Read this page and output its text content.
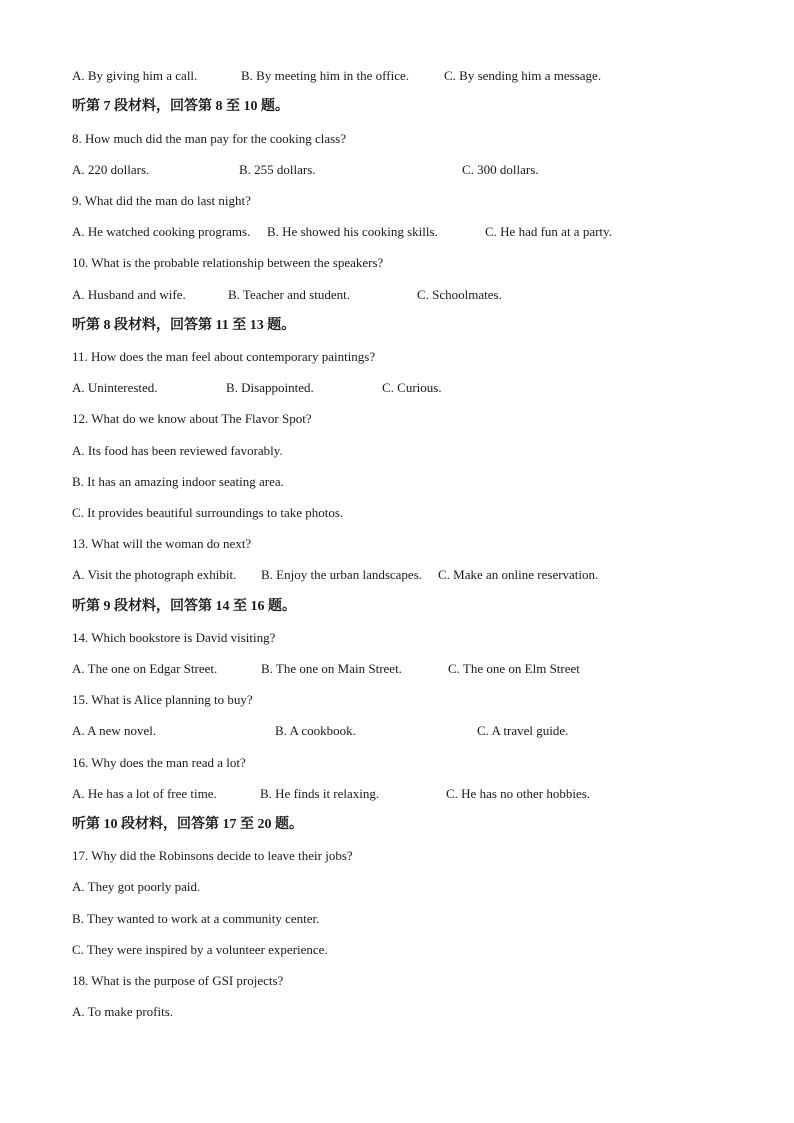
A. By giving him a call.	B. By meeting him in the office.	C. By sending him a message.
听第 7 段材料，回答第 8 至 10 题。
8. How much did the man pay for the cooking class?
A. 220 dollars.	B. 255 dollars.	C. 300 dollars.
9. What did the man do last night?
A. He watched cooking programs. B. He showed his cooking skills.	C. He had fun at a party.
10. What is the probable relationship between the speakers?
A. Husband and wife.	B. Teacher and student.	C. Schoolmates.
听第 8 段材料，回答第 11 至 13 题。
11. How does the man feel about contemporary paintings?
A. Uninterested.	B. Disappointed.	C. Curious.
12. What do we know about The Flavor Spot?
A. Its food has been reviewed favorably.
B. It has an amazing indoor seating area.
C. It provides beautiful surroundings to take photos.
13. What will the woman do next?
A. Visit the photograph exhibit. B. Enjoy the urban landscapes. C. Make an online reservation.
听第 9 段材料，回答第 14 至 16 题。
14. Which bookstore is David visiting?
A. The one on Edgar Street.	B. The one on Main Street.	C. The one on Elm Street
15. What is Alice planning to buy?
A. A new novel.	B. A cookbook.	C. A travel guide.
16. Why does the man read a lot?
A. He has a lot of free time.	B. He finds it relaxing.	C. He has no other hobbies.
听第 10 段材料，回答第 17 至 20 题。
17. Why did the Robinsons decide to leave their jobs?
A. They got poorly paid.
B. They wanted to work at a community center.
C. They were inspired by a volunteer experience.
18. What is the purpose of GSI projects?
A. To make profits.
